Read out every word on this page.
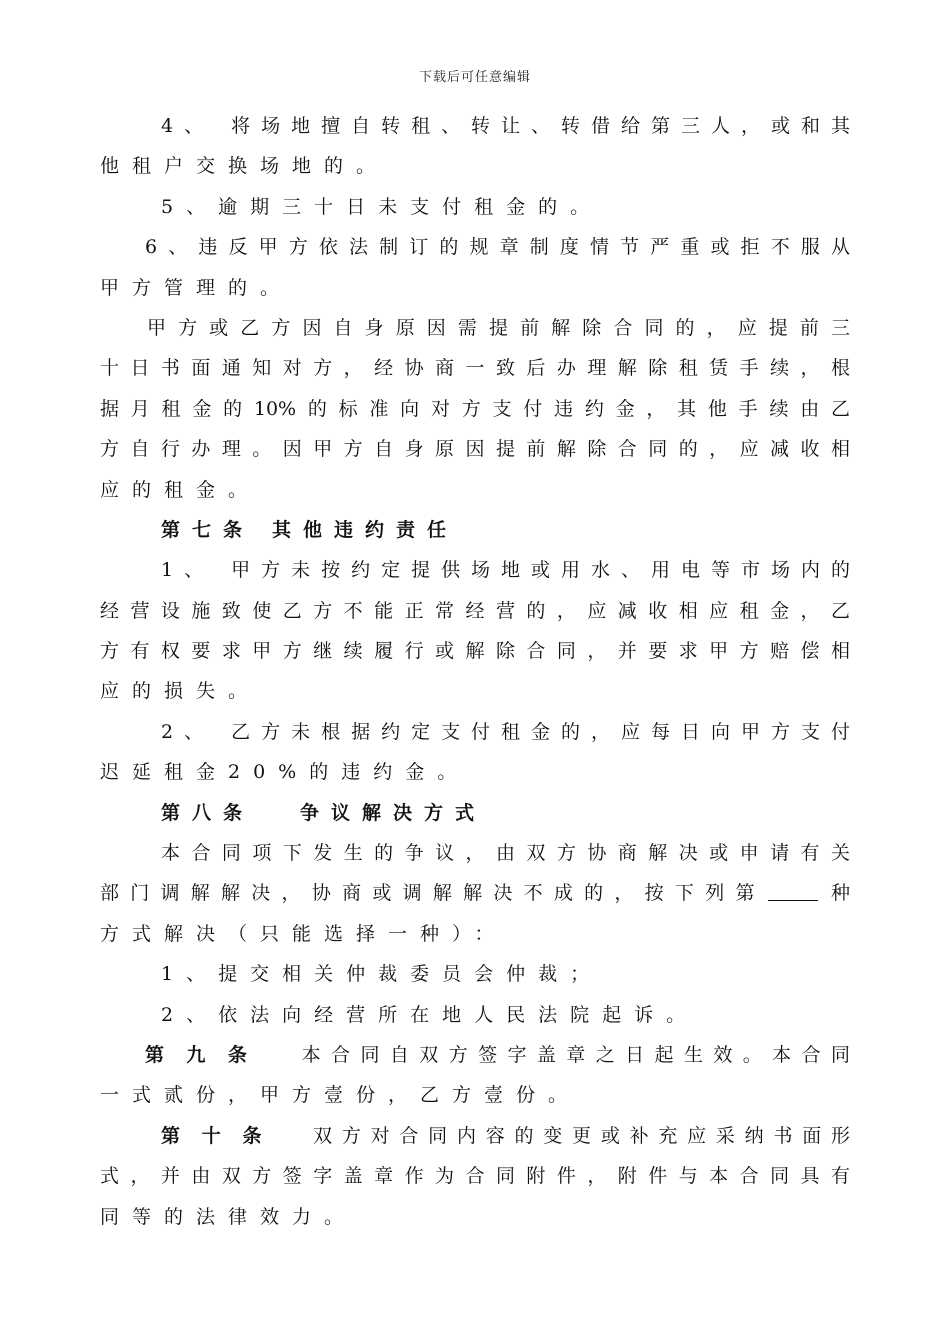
下载后可任意编辑
4、 将场地擅自转租、转让、转借给第三人，或和其
他租户交换场地的。
5、逾期三十日未支付租金的。
6、违反甲方依法制订的规章制度情节严重或拒不服从
甲方管理的。
甲方或乙方因自身原因需提前解除合同的，应提前三
十日书面通知对方，经协商一致后办理解除租赁手续，根
据月租金的10%的标准向对方支付违约金，其他手续由乙
方自行办理。因甲方自身原因提前解除合同的，应减收相
应的租金。
第七条 其他违约责任
1、 甲方未按约定提供场地或用水、用电等市场内的
经营设施致使乙方不能正常经营的，应减收相应租金，乙
方有权要求甲方继续履行或解除合同，并要求甲方赔偿相
应的损失。
2、 乙方未根据约定支付租金的，应每日向甲方支付
迟延租金20%的违约金。
第八条 争议解决方式
本合同项下发生的争议，由双方协商解决或申请有关
部门调解解决，协商或调解解决不成的，按下列第	种
方式解决（只能选择一种）：
1、提交相关仲裁委员会仲裁；
2、依法向经营所在地人民法院起诉。
第九条 本合同自双方签字盖章之日起生效。本合同
一式贰份，甲方壹份，乙方壹份。
第十条 双方对合同内容的变更或补充应采纳书面形
式，并由双方签字盖章作为合同附件，附件与本合同具有
同等的法律效力。
